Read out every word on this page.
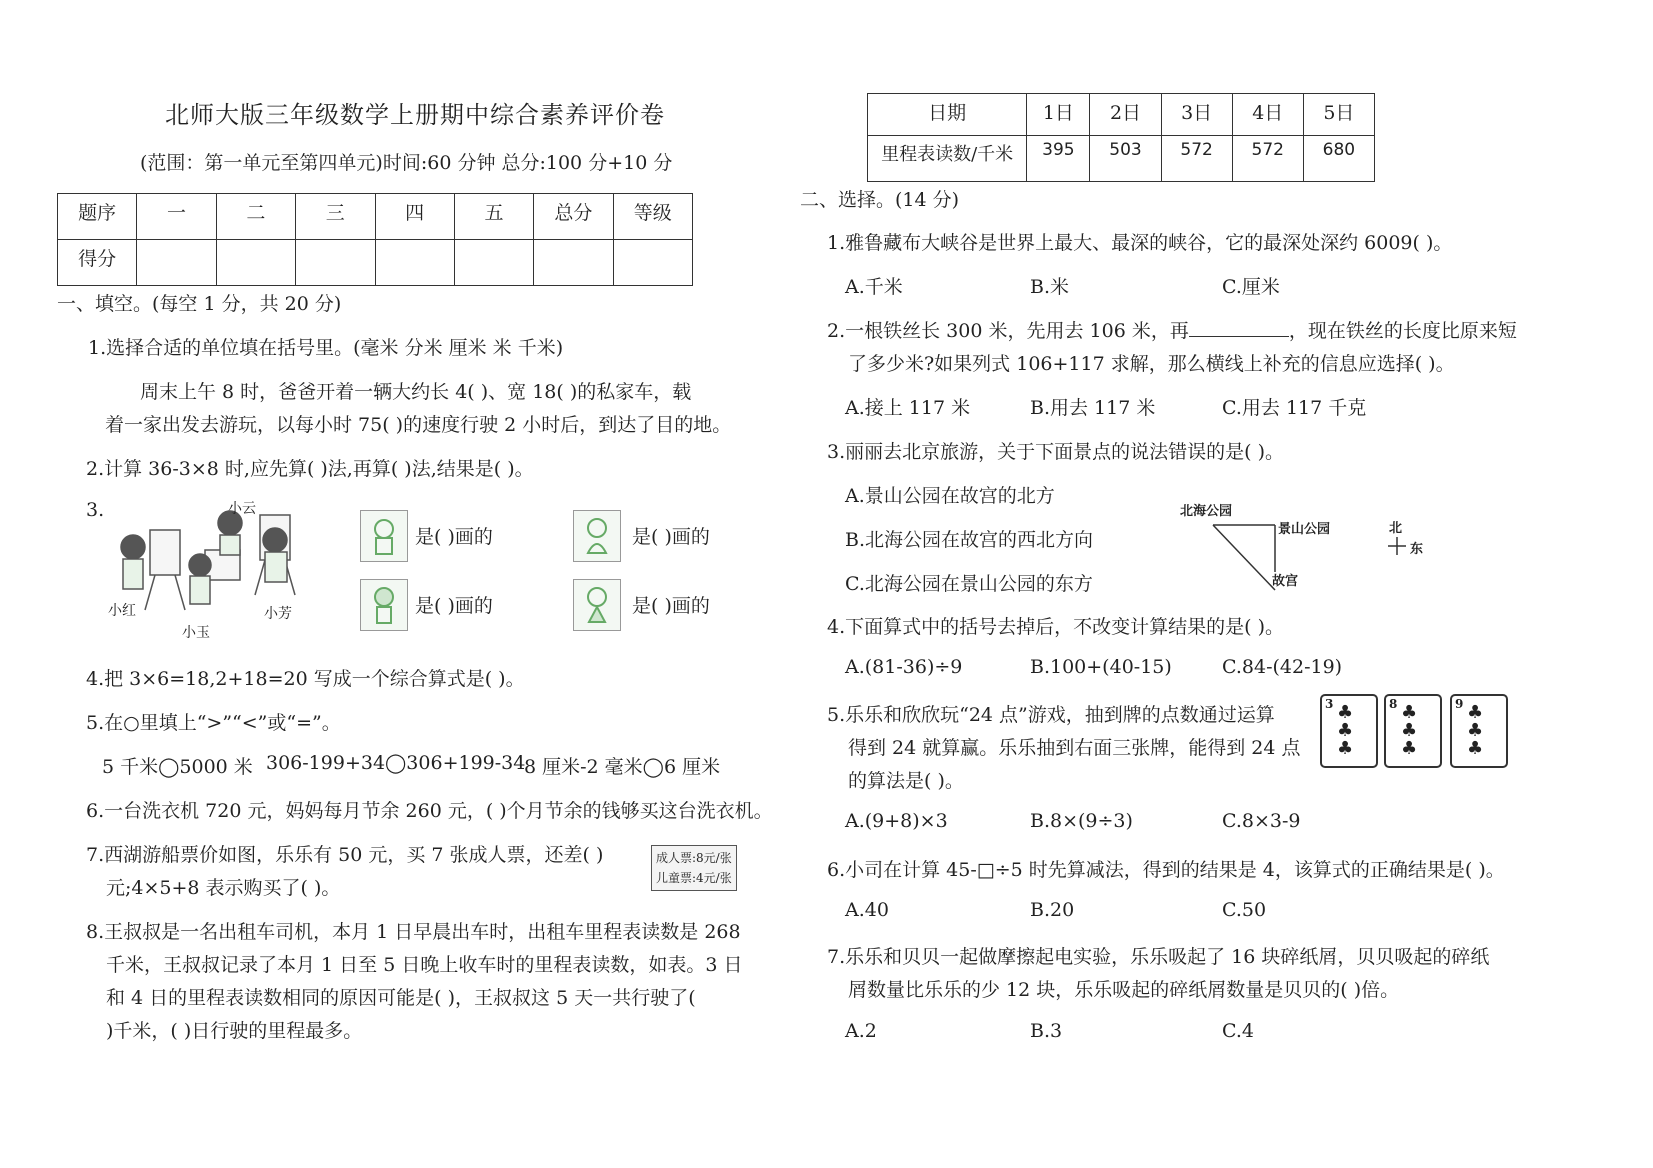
北师大版三年级数学上册期中综合素养评价卷
(范围：第一单元至第四单元)时间:60 分钟 总分:100 分+10 分
题序	一	二	三	四	五	总分	等级
得分							
一、填空。(每空 1 分，共 20 分)
1.选择合适的单位填在括号里。(毫米 分米 厘米 米 千米)
周末上午 8 时，爸爸开着一辆大约长 4( )、宽 18( )的私家车，载
着一家出发去游玩，以每小时 75( )的速度行驶 2 小时后，到达了目的地。
2.计算 36-3×8 时,应先算( )法,再算( )法,结果是( )。
3.	小云
小红
小玉
小芳
是( )画的	是( )画的
是( )画的	是( )画的
4.把 3×6=18,2+18=20 写成一个综合算式是( )。
5.在○里填上“>”“<”或“=”。
5 千米◯5000 米 306-199+34◯306+199-34
8 厘米-2 毫米◯6 厘米
6.一台洗衣机 720 元，妈妈每月节余 260 元，( )个月节余的钱够买这台洗衣机。
7.西湖游船票价如图，乐乐有 50 元，买 7 张成人票，还差( )
元;4×5+8 表示购买了( )。
成人票:8元/张
儿童票:4元/张
8.王叔叔是一名出租车司机，本月 1 日早晨出车时，出租车里程表读数是 268
千米，王叔叔记录了本月 1 日至 5 日晚上收车时的里程表读数，如表。3 日
和 4 日的里程表读数相同的原因可能是( )，王叔叔这 5 天一共行驶了(
)千米，( )日行驶的里程最多。
日期	1日	2日	3日	4日	5日
里程表读数/千米	395	503	572	572	680
二、选择。(14 分)
1.雅鲁藏布大峡谷是世界上最大、最深的峡谷，它的最深处深约 6009( )。
A.千米	B.米	C.厘米
2.一根铁丝长 300 米，先用去 106 米，再	，现在铁丝的长度比原来短
了多少米?如果列式 106+117 求解，那么横线上补充的信息应选择( )。
A.接上 117 米	B.用去 117 米	C.用去 117 千克
3.丽丽去北京旅游，关于下面景点的说法错误的是( )。
A.景山公园在故宫的北方
B.北海公园在故宫的西北方向
C.北海公园在景山公园的东方
北海公园
景山公园
故宫
北
东
4.下面算式中的括号去掉后，不改变计算结果的是( )。
A.(81-36)÷9	B.100+(40-15)	C.84-(42-19)
5.乐乐和欣欣玩“24 点”游戏，抽到牌的点数通过运算
得到 24 就算赢。乐乐抽到右面三张牌，能得到 24 点
的算法是( )。
3 ♣
♣
♣
8 ♣
♣
♣
9 ♣
♣
♣
A.(9+8)×3	B.8×(9÷3)	C.8×3-9
6.小司在计算 45-□÷5 时先算减法，得到的结果是 4，该算式的正确结果是( )。
A.40	B.20	C.50
7.乐乐和贝贝一起做摩擦起电实验，乐乐吸起了 16 块碎纸屑，贝贝吸起的碎纸
屑数量比乐乐的少 12 块，乐乐吸起的碎纸屑数量是贝贝的( )倍。
A.2	B.3	C.4
